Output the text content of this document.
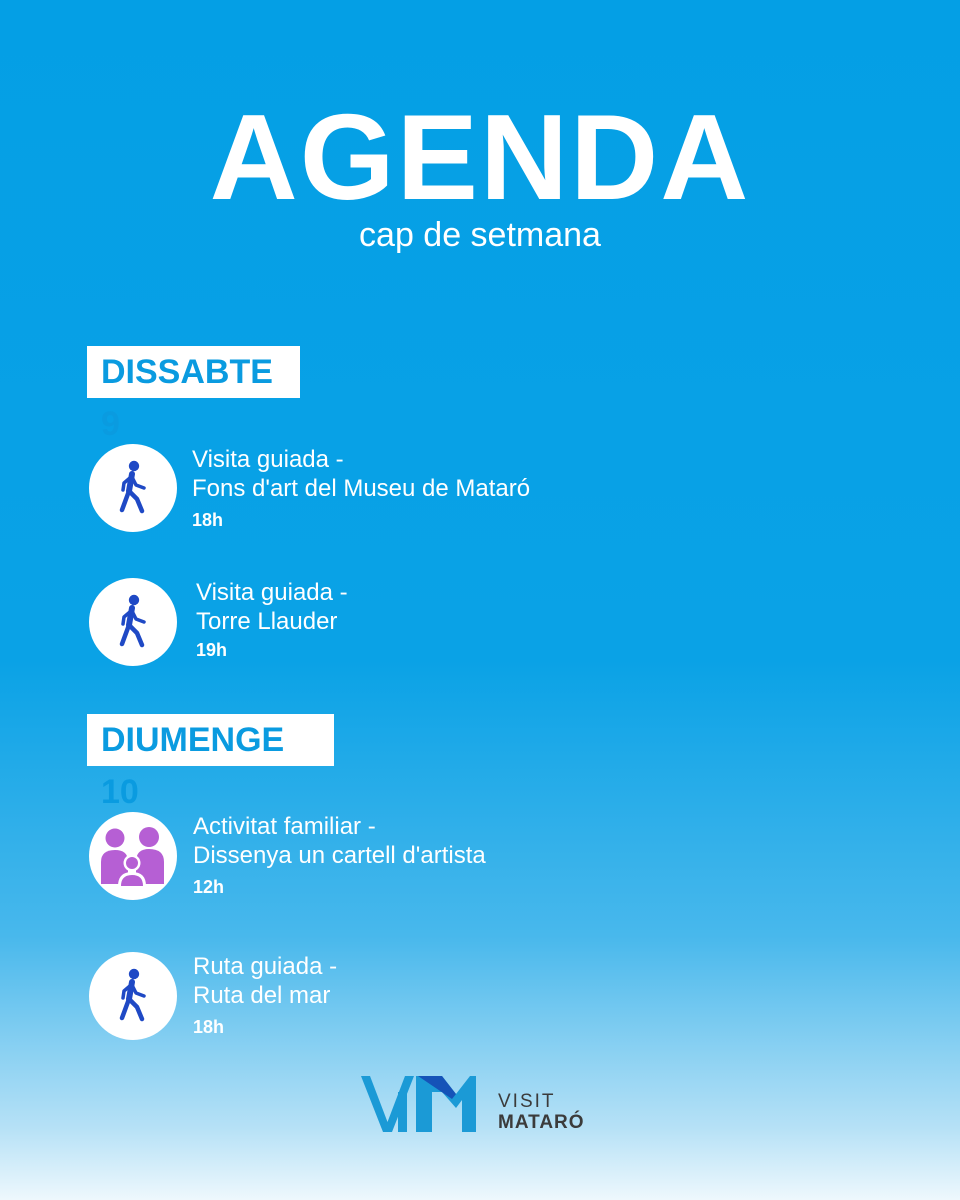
AGENDA
cap de setmana
DISSABTE 9
Visita guiada -
Fons d'art del Museu de Mataró
18h
Visita guiada -
Torre Llauder
19h
DIUMENGE 10
Activitat familiar -
Dissenya un cartell d'artista
12h
Ruta guiada -
Ruta del mar
18h
VISIT
MATARÓ
